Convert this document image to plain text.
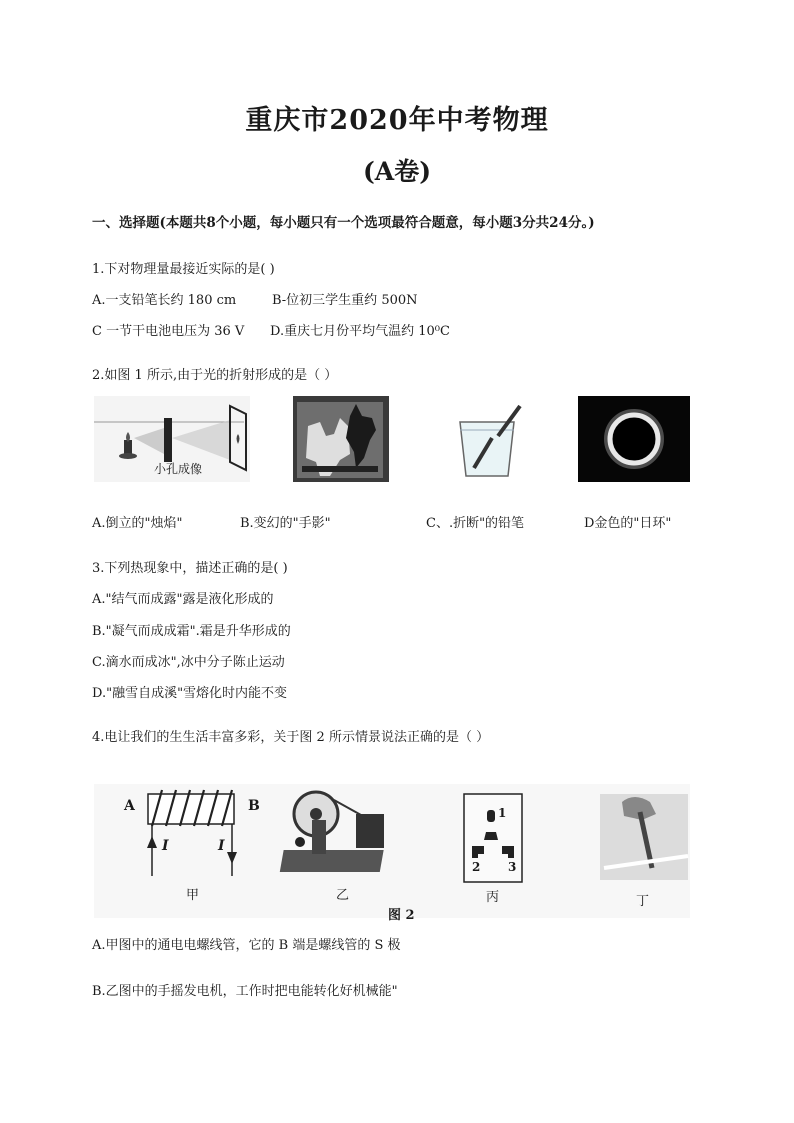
重庆市2020年中考物理
(A卷)
一、选择题(本题共8个小题，每小题只有一个选项最符合题意，每小题3分共24分。)
1.下对物理量最接近实际的是( )
A.一支铅笔长约 180 cm	B-位初三学生重约 500N
C 一节干电池电压为 36 V D.重庆七月份平均气温约 10⁰C
2.如图 1 所示,由于光的折射形成的是（ ）
小孔成像
A.倒立的"烛焰"	B.变幻的"手影"	C、.折断"的铅笔	D金色的"日环"
3.下列热现象中，描述正确的是( )
A."结气而成露"露是液化形成的
B."凝气而成成霜".霜是升华形成的
C.滴水而成冰",冰中分子陈止运动
D."融雪自成溪"雪熔化时内能不变
4.电让我们的生生活丰富多彩，关于图 2 所示情景说法正确的是（ ）
A	B
I	I
甲	乙
1
2 3
图 2
丙	丁
A.甲图中的通电电螺线管，它的 B 端是螺线管的 S 极
B.乙图中的手摇发电机，工作时把电能转化好机械能"
